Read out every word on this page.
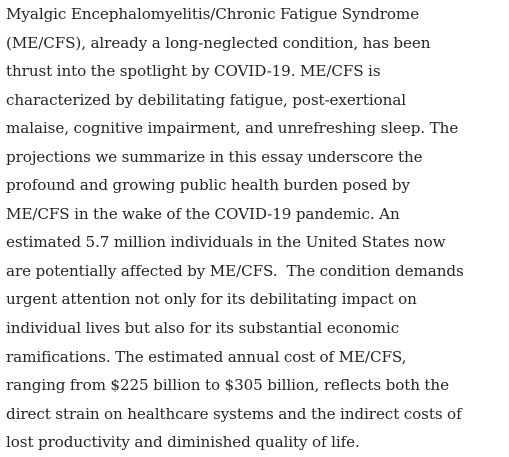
Myalgic Encephalomyelitis/Chronic Fatigue Syndrome
(ME/CFS), already a long-neglected condition, has been
thrust into the spotlight by COVID-19. ME/CFS is
characterized by debilitating fatigue, post-exertional
malaise, cognitive impairment, and unrefreshing sleep. The
projections we summarize in this essay underscore the
profound and growing public health burden posed by
ME/CFS in the wake of the COVID-19 pandemic. An
estimated 5.7 million individuals in the United States now
are potentially affected by ME/CFS.  The condition demands
urgent attention not only for its debilitating impact on
individual lives but also for its substantial economic
ramifications. The estimated annual cost of ME/CFS,
ranging from $225 billion to $305 billion, reflects both the
direct strain on healthcare systems and the indirect costs of
lost productivity and diminished quality of life.
